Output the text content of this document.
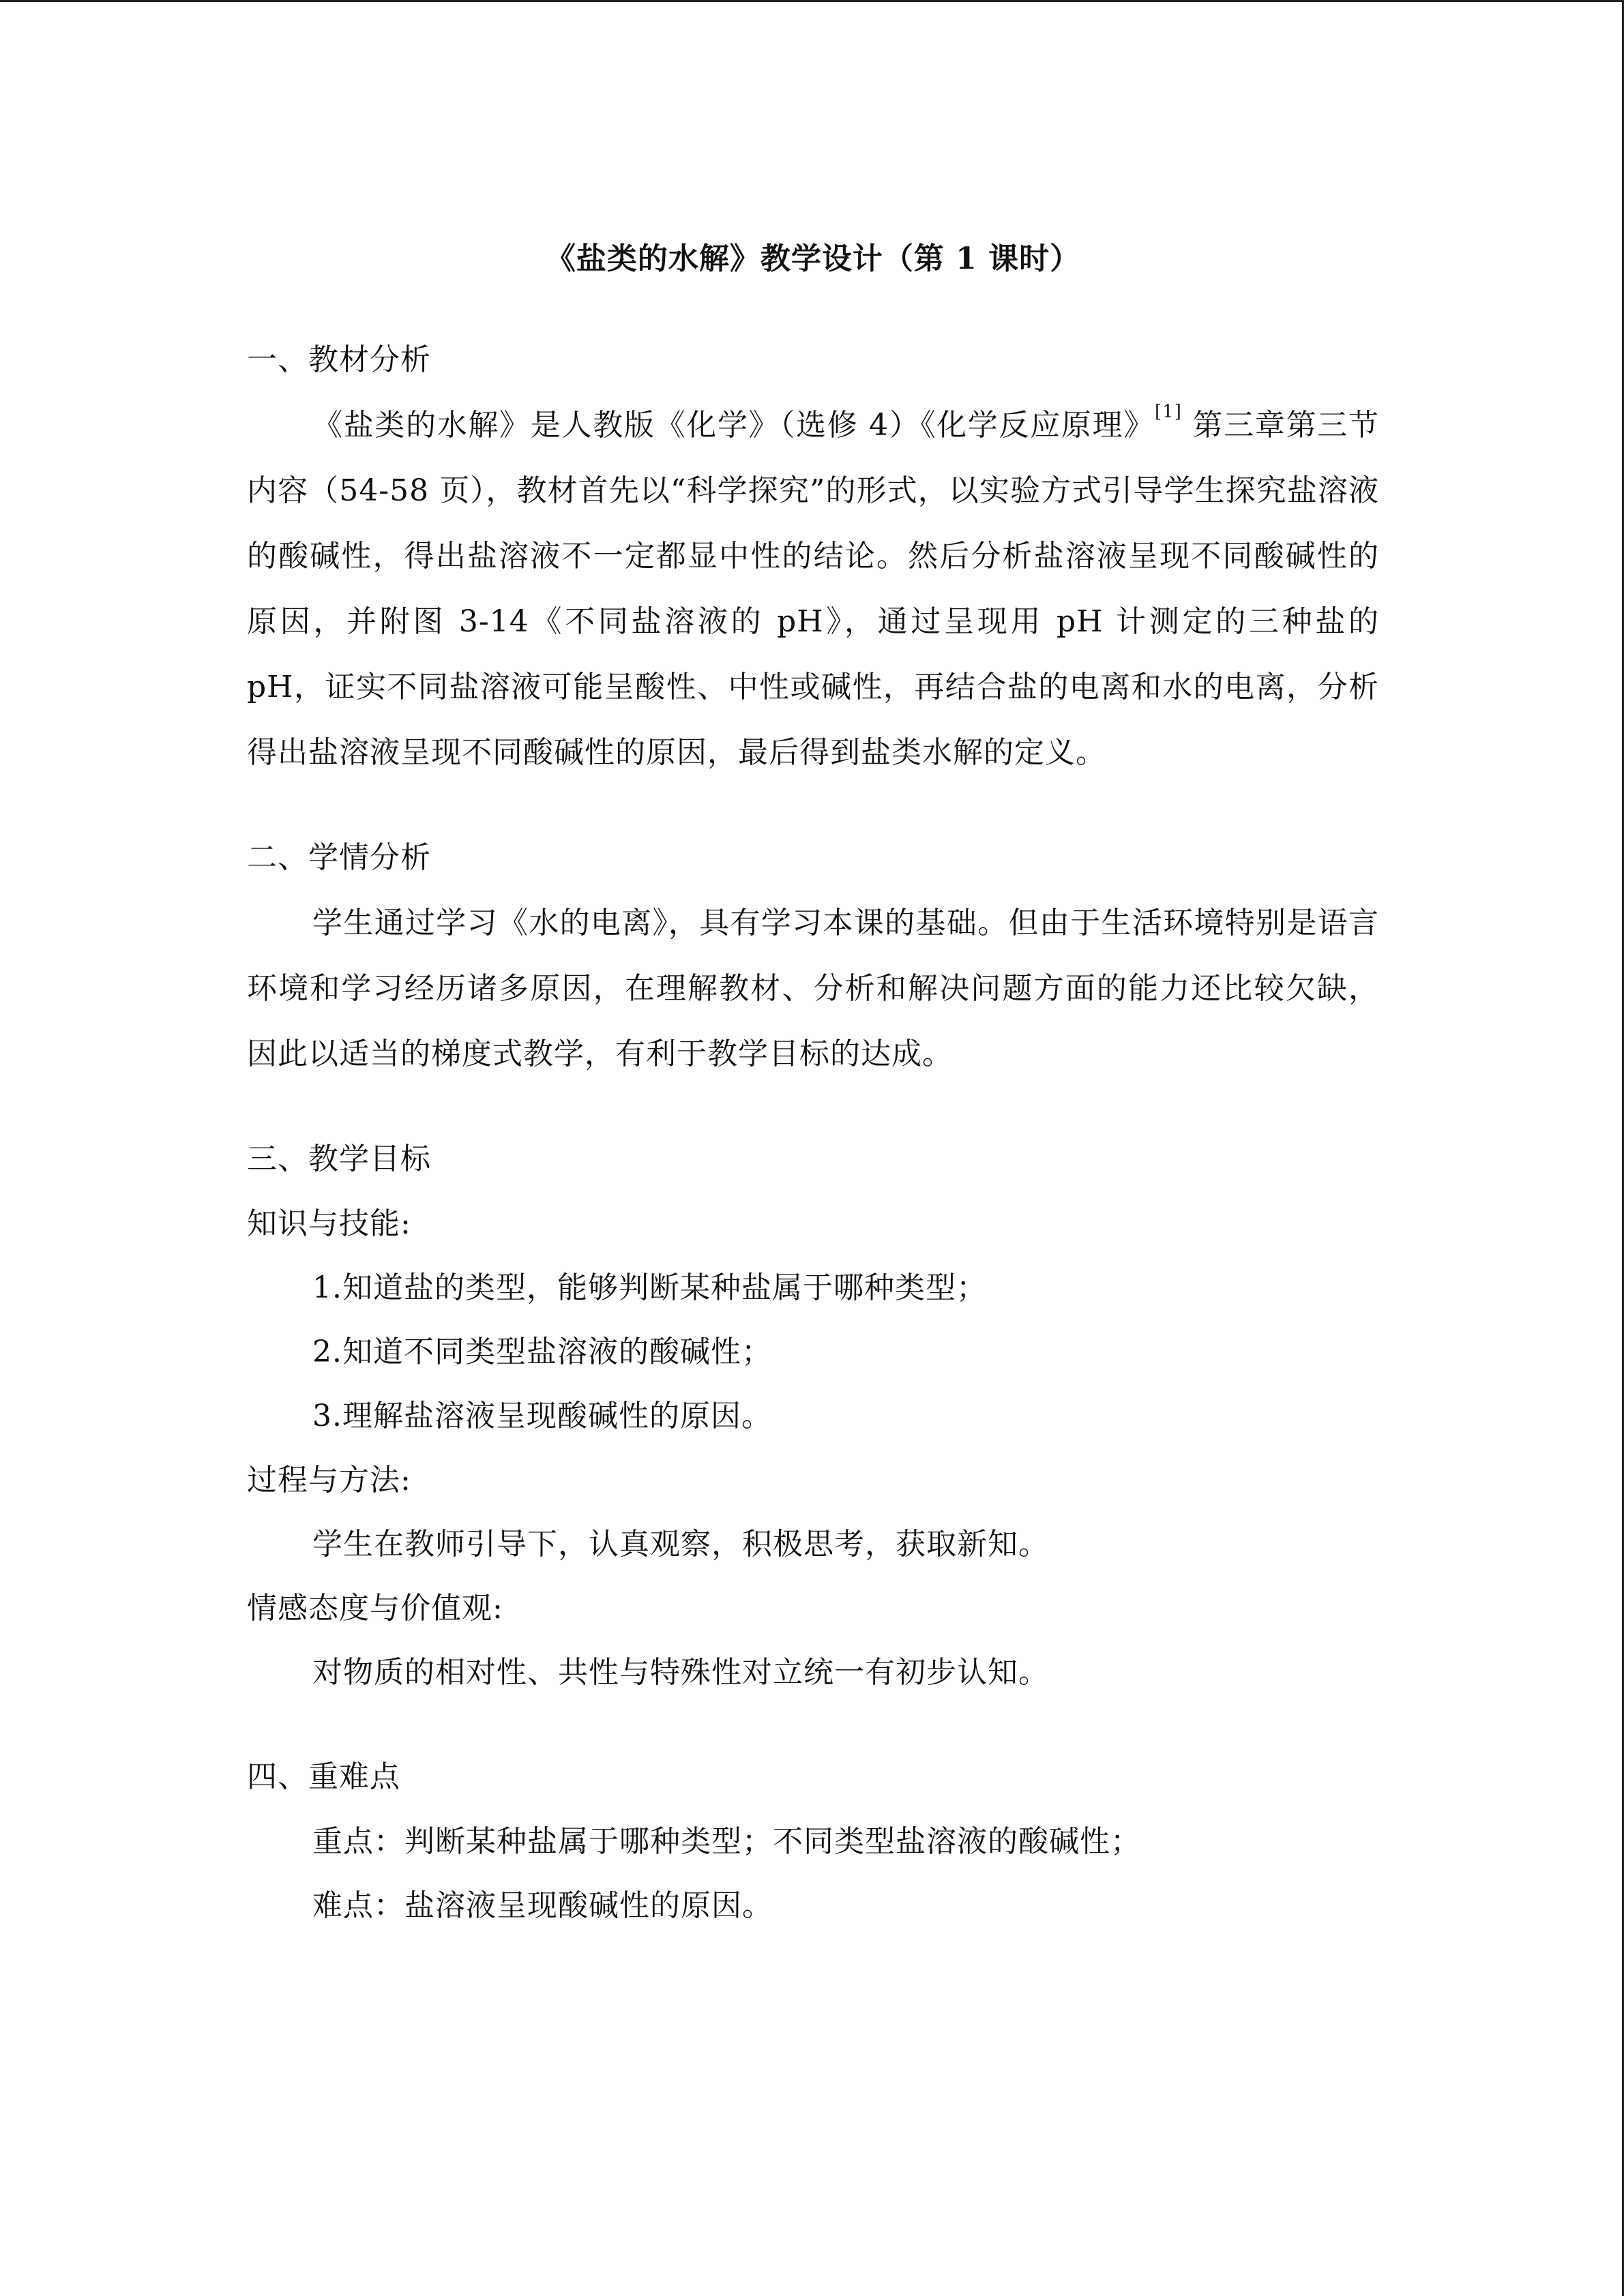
《盐类的水解》教学设计（第 1 课时）

一、教材分析

《盐类的水解》是人教版《化学》（选修 4）《化学反应原理》[1] 第三章第三节内容（54-58 页），教材首先以“科学探究”的形式，以实验方式引导学生探究盐溶液的酸碱性，得出盐溶液不一定都显中性的结论。然后分析盐溶液呈现不同酸碱性的原因，并附图 3-14《不同盐溶液的 pH》，通过呈现用 pH 计测定的三种盐的 pH，证实不同盐溶液可能呈酸性、中性或碱性，再结合盐的电离和水的电离，分析得出盐溶液呈现不同酸碱性的原因，最后得到盐类水解的定义。

二、学情分析

学生通过学习《水的电离》，具有学习本课的基础。但由于生活环境特别是语言环境和学习经历诸多原因，在理解教材、分析和解决问题方面的能力还比较欠缺，因此以适当的梯度式教学，有利于教学目标的达成。

三、教学目标

知识与技能:

1.知道盐的类型，能够判断某种盐属于哪种类型；

2.知道不同类型盐溶液的酸碱性；

3.理解盐溶液呈现酸碱性的原因。

过程与方法:

学生在教师引导下，认真观察，积极思考，获取新知。

情感态度与价值观:

对物质的相对性、共性与特殊性对立统一有初步认知。

四、重难点

重点：判断某种盐属于哪种类型；不同类型盐溶液的酸碱性；

难点：盐溶液呈现酸碱性的原因。
